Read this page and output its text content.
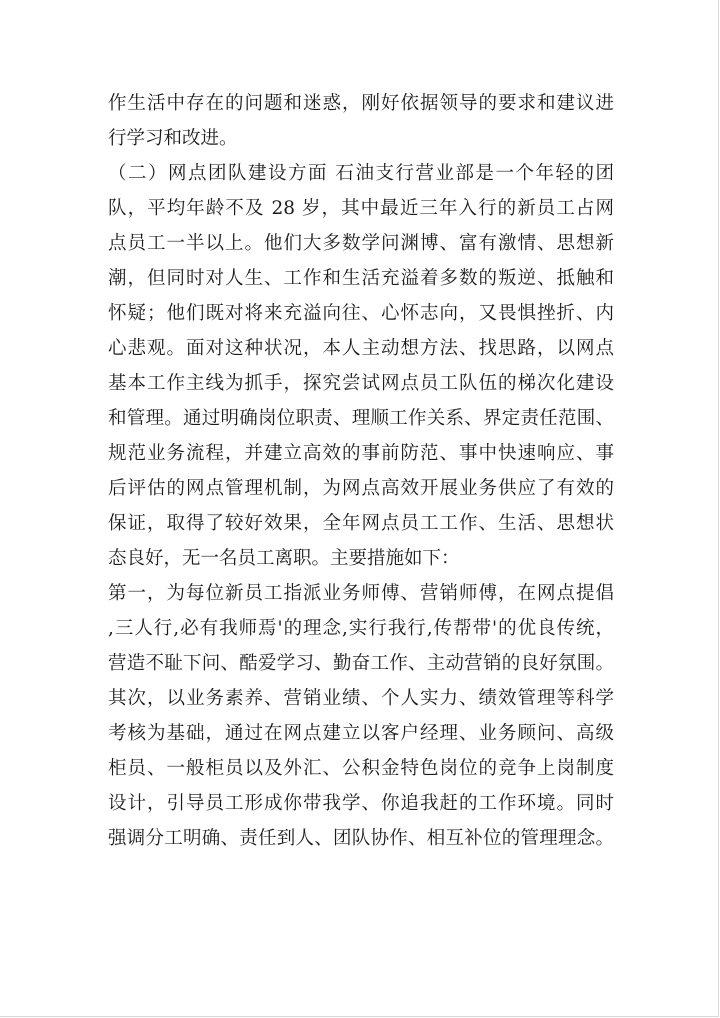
作生活中存在的问题和迷惑，刚好依据领导的要求和建议进
行学习和改进。
（二）网点团队建设方面 石油支行营业部是一个年轻的团
队，平均年龄不及 28 岁，其中最近三年入行的新员工占网
点员工一半以上。他们大多数学问渊博、富有激情、思想新
潮，但同时对人生、工作和生活充溢着多数的叛逆、抵触和
怀疑；他们既对将来充溢向往、心怀志向，又畏惧挫折、内
心悲观。面对这种状况，本人主动想方法、找思路，以网点
基本工作主线为抓手，探究尝试网点员工队伍的梯次化建设
和管理。通过明确岗位职责、理顺工作关系、界定责任范围、
规范业务流程，并建立高效的事前防范、事中快速响应、事
后评估的网点管理机制，为网点高效开展业务供应了有效的
保证，取得了较好效果，全年网点员工工作、生活、思想状
态良好，无一名员工离职。主要措施如下：
第一，为每位新员工指派业务师傅、营销师傅，在网点提倡
,三人行,必有我师焉'的理念,实行我行,传帮带'的优良传统，
营造不耻下问、酷爱学习、勤奋工作、主动营销的良好氛围。
其次，以业务素养、营销业绩、个人实力、绩效管理等科学
考核为基础，通过在网点建立以客户经理、业务顾问、高级
柜员、一般柜员以及外汇、公积金特色岗位的竞争上岗制度
设计，引导员工形成你带我学、你追我赶的工作环境。同时
强调分工明确、责任到人、团队协作、相互补位的管理理念。
